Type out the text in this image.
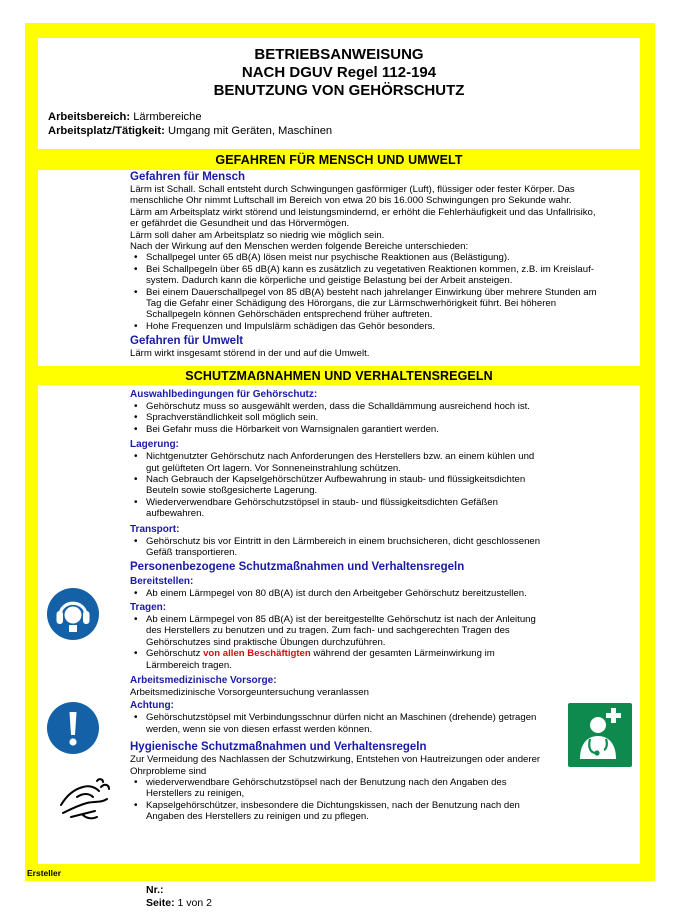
BETRIEBSANWEISUNG
NACH DGUV Regel 112-194
BENUTZUNG VON GEHÖRSCHUTZ
Arbeitsbereich: Lärmbereiche
Arbeitsplatz/Tätigkeit: Umgang mit Geräten, Maschinen
GEFAHREN FÜR MENSCH UND UMWELT
Gefahren für Mensch
Lärm ist Schall. Schall entsteht durch Schwingungen gasförmiger (Luft), flüssiger oder fester Körper. Das menschliche Ohr nimmt Luftschall im Bereich von etwa 20 bis 16.000 Schwingungen pro Sekunde wahr.
Lärm am Arbeitsplatz wirkt störend und leistungsmindernd, er erhöht die Fehlerhäufigkeit und das Unfallrisiko, er gefährdet die Gesundheit und das Hörvermögen.
Lärm soll daher am Arbeitsplatz so niedrig wie möglich sein.
Nach der Wirkung auf den Menschen werden folgende Bereiche unterschieden:
• Schallpegel unter 65 dB(A) lösen meist nur psychische Reaktionen aus (Belästigung).
• Bei Schallpegeln über 65 dB(A) kann es zusätzlich zu vegetativen Reaktionen kommen, z.B. im Kreislauf-system. Dadurch kann die körperliche und geistige Belastung bei der Arbeit ansteigen.
• Bei einem Dauerschallpegel von 85 dB(A) besteht nach jahrelanger Einwirkung über mehrere Stunden am Tag die Gefahr einer Schädigung des Hörorgans, die zur Lärmschwerhörigkeit führt. Bei höheren Schallpegeln können Gehörschäden entsprechend früher auftreten.
• Hohe Frequenzen und Impulslärm schädigen das Gehör besonders.
Gefahren für Umwelt
Lärm wirkt insgesamt störend in der und auf die Umwelt.
SCHUTZMAẞNAHMEN UND VERHALTENSREGELN
Auswahlbedingungen für Gehörschutz:
• Gehörschutz muss so ausgewählt werden, dass die Schalldämmung ausreichend hoch ist.
• Sprachverständlichkeit soll möglich sein.
• Bei Gefahr muss die Hörbarkeit von Warnsignalen garantiert werden.
Lagerung:
• Nichtgenutzter Gehörschutz nach Anforderungen des Herstellers bzw. an einem kühlen und gut gelüfteten Ort lagern. Vor Sonneneinstrahlung schützen.
• Nach Gebrauch der Kapselgehörschützer Aufbewahrung in staub- und flüssigkeitsdichten Beuteln sowie stoßgesicherte Lagerung.
• Wiederverwendbare Gehörschutzstöpsel in staub- und flüssigkeitsdichten Gefäßen aufbewahren.
Transport:
• Gehörschutz bis vor Eintritt in den Lärmbereich in einem bruchsicheren, dicht geschlossenen Gefäß transportieren.
Personenbezogene Schutzmaßnahmen und Verhaltensregeln
Bereitstellen:
• Ab einem Lärmpegel von 80 dB(A) ist durch den Arbeitgeber Gehörschutz bereitzustellen.
Tragen:
• Ab einem Lärmpegel von 85 dB(A) ist der bereitgestellte Gehörschutz ist nach der Anleitung des Herstellers zu benutzen und zu tragen. Zum fach- und sachgerechten Tragen des Gehörschutzes sind praktische Übungen durchzuführen.
• Gehörschutz von allen Beschäftigten während der gesamten Lärmeinwirkung im Lärmbereich tragen.
Arbeitsmedizinische Vorsorge:
Arbeitsmedizinische Vorsorgeuntersuchung veranlassen
Achtung:
• Gehörschutzstöpsel mit Verbindungsschnur dürfen nicht an Maschinen (drehende) getragen werden, wenn sie von diesen erfasst werden können.
Hygienische Schutzmaßnahmen und Verhaltensregeln
Zur Vermeidung des Nachlassen der Schutzwirkung, Entstehen von Hautreizungen oder anderer Ohrprobleme sind
• wiederverwendbare Gehörschutzstöpsel nach der Benutzung nach den Angaben des Herstellers zu reinigen,
• Kapselgehörschützer, insbesondere die Dichtungskissen, nach der Benutzung nach den Angaben des Herstellers zu reinigen und zu pflegen.
Ersteller
Nr.:
Seite: 1 von 2
